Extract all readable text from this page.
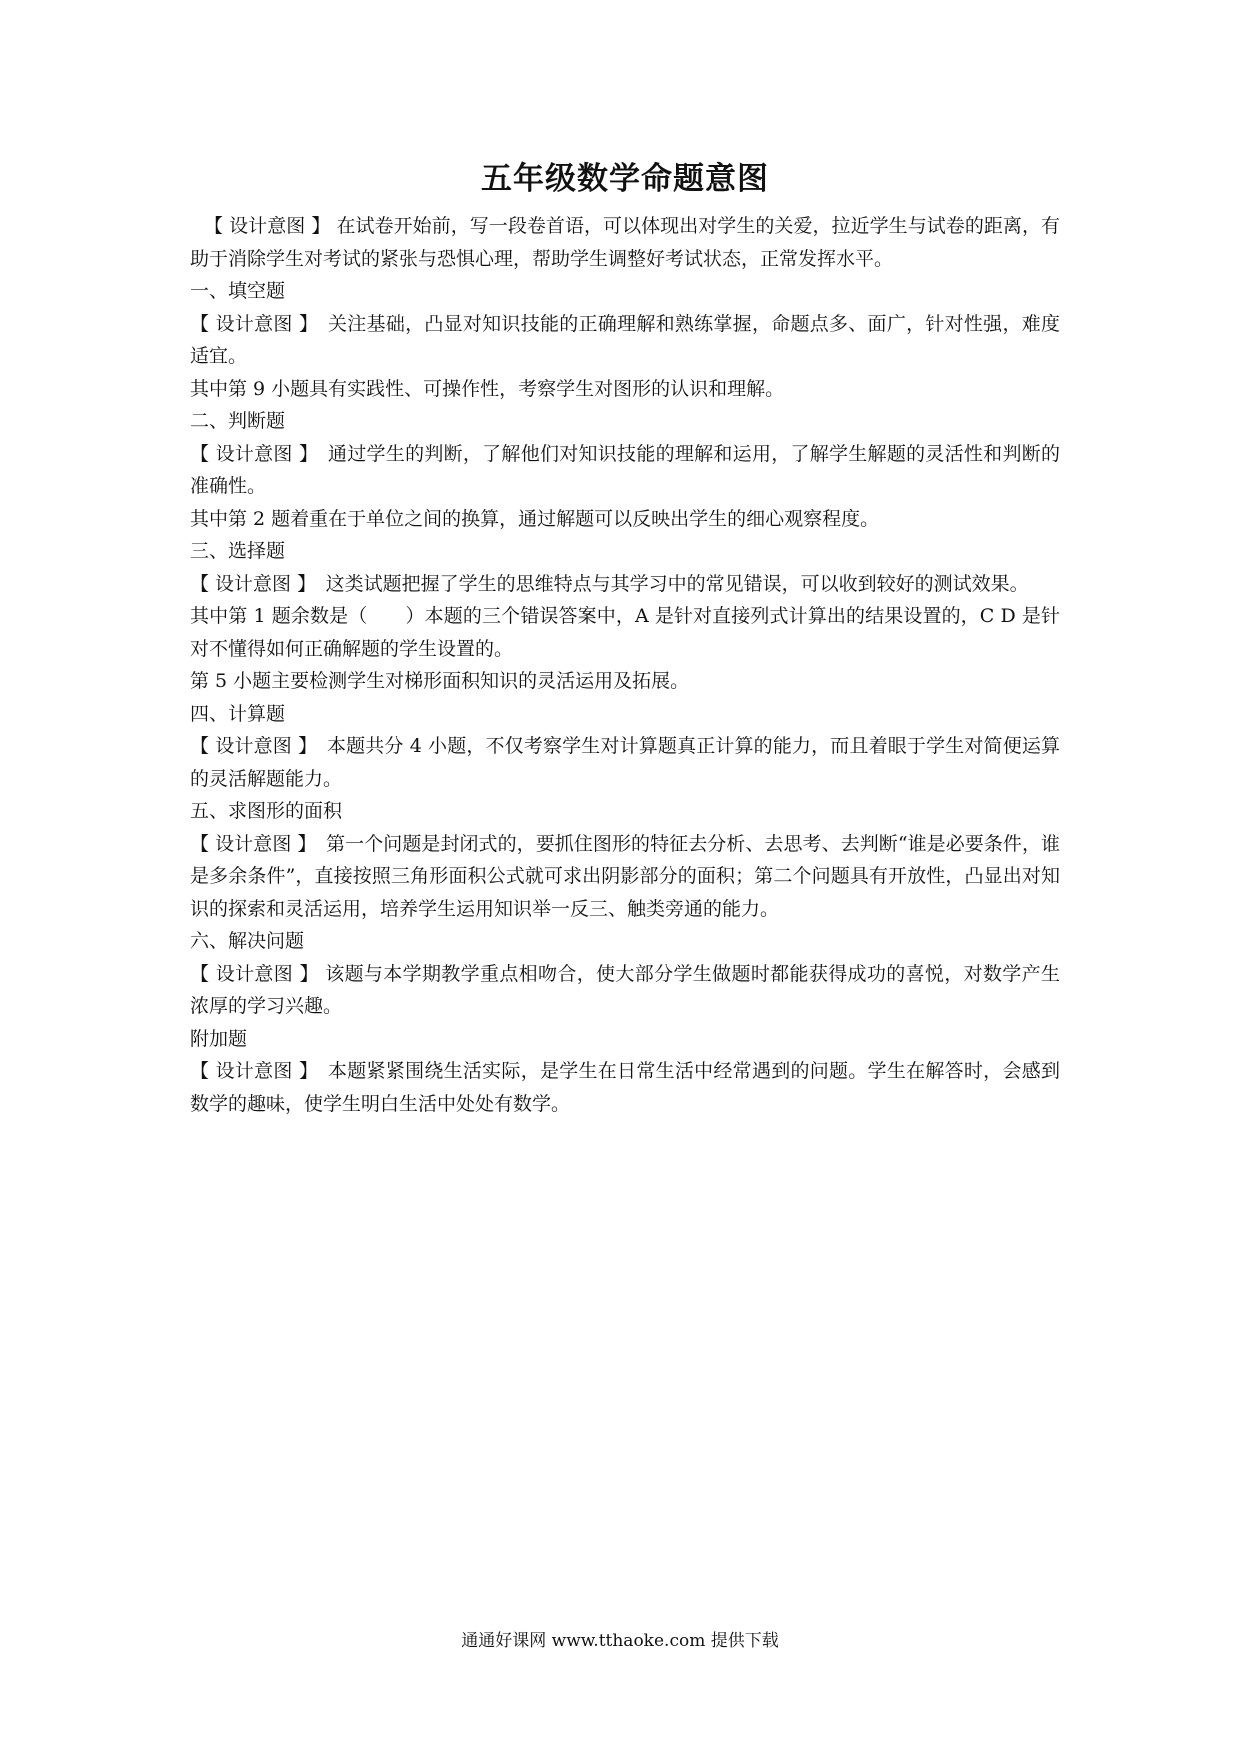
五年级数学命题意图

【 设计意图 】 在试卷开始前，写一段卷首语，可以体现出对学生的关爱，拉近学生与试卷的距离，有助于消除学生对考试的紧张与恐惧心理，帮助学生调整好考试状态，正常发挥水平。

一、填空题

【 设计意图 】　关注基础，凸显对知识技能的正确理解和熟练掌握，命题点多、面广，针对性强，难度适宜。

其中第 9 小题具有实践性、可操作性，考察学生对图形的认识和理解。

二、判断题

【 设计意图 】　通过学生的判断，了解他们对知识技能的理解和运用，了解学生解题的灵活性和判断的准确性。

其中第 2 题着重在于单位之间的换算，通过解题可以反映出学生的细心观察程度。

三、选择题

【 设计意图 】　这类试题把握了学生的思维特点与其学习中的常见错误，可以收到较好的测试效果。

其中第 1 题余数是（　　）本题的三个错误答案中，A 是针对直接列式计算出的结果设置的，C D 是针对不懂得如何正确解题的学生设置的。

第 5 小题主要检测学生对梯形面积知识的灵活运用及拓展。

四、计算题

【 设计意图 】　本题共分 4 小题，不仅考察学生对计算题真正计算的能力，而且着眼于学生对简便运算的灵活解题能力。

五、求图形的面积

【 设计意图 】　第一个问题是封闭式的，要抓住图形的特征去分析、去思考、去判断“谁是必要条件，谁是多余条件”，直接按照三角形面积公式就可求出阴影部分的面积；第二个问题具有开放性，凸显出对知识的探索和灵活运用，培养学生运用知识举一反三、触类旁通的能力。

六、解决问题

【 设计意图 】 该题与本学期教学重点相吻合，使大部分学生做题时都能获得成功的喜悦，对数学产生浓厚的学习兴趣。

附加题

【 设计意图 】　本题紧紧围绕生活实际，是学生在日常生活中经常遇到的问题。学生在解答时，会感到数学的趣味，使学生明白生活中处处有数学。

通通好课网 www.tthaoke.com 提供下载
